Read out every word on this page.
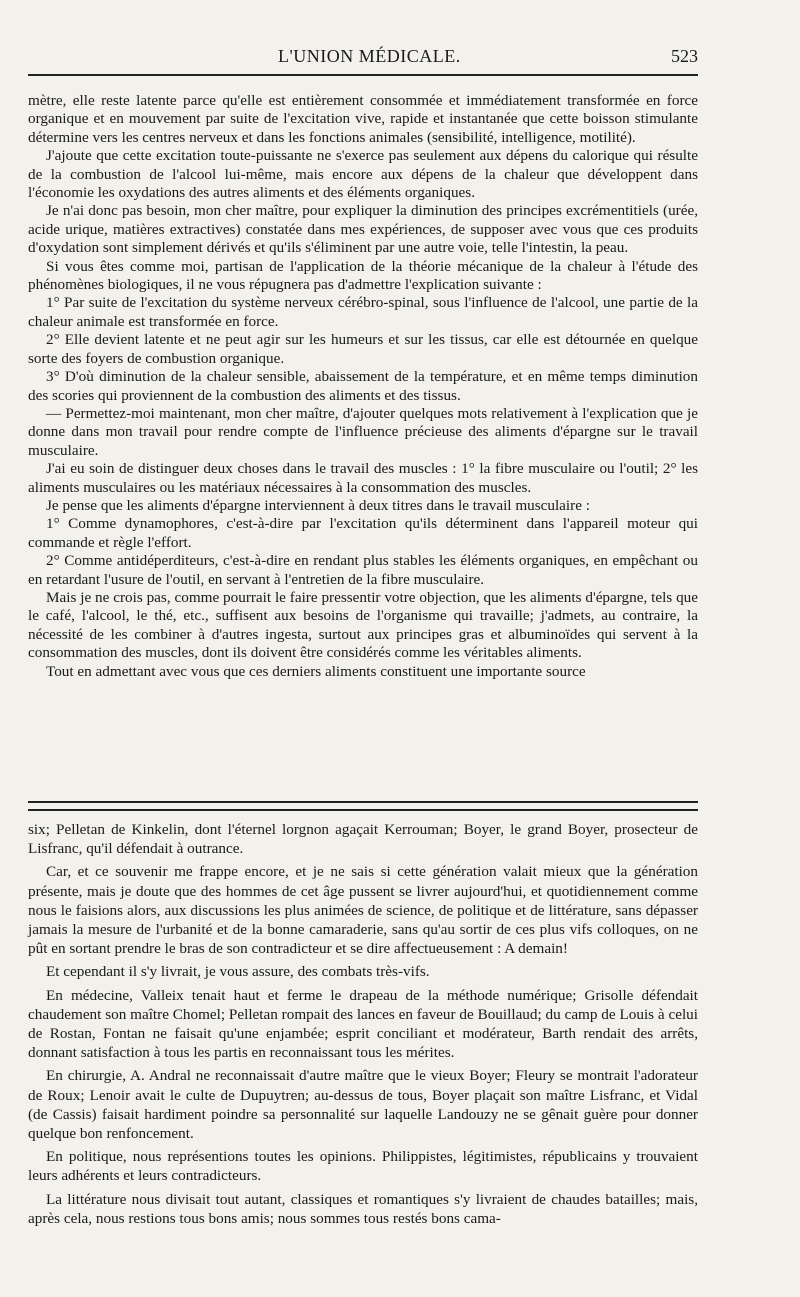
L'UNION MÉDICALE.	523

mètre, elle reste latente parce qu'elle est entièrement consommée et immédiatement transformée en force organique et en mouvement par suite de l'excitation vive, rapide et instantanée que cette boisson stimulante détermine vers les centres nerveux et dans les fonctions animales (sensibilité, intelligence, motilité).

J'ajoute que cette excitation toute-puissante ne s'exerce pas seulement aux dépens du calorique qui résulte de la combustion de l'alcool lui-même, mais encore aux dépens de la chaleur que développent dans l'économie les oxydations des autres aliments et des éléments organiques.

Je n'ai donc pas besoin, mon cher maître, pour expliquer la diminution des principes excrémentitiels (urée, acide urique, matières extractives) constatée dans mes expériences, de supposer avec vous que ces produits d'oxydation sont simplement dérivés et qu'ils s'éliminent par une autre voie, telle l'intestin, la peau.

Si vous êtes comme moi, partisan de l'application de la théorie mécanique de la chaleur à l'étude des phénomènes biologiques, il ne vous répugnera pas d'admettre l'explication suivante :

1° Par suite de l'excitation du système nerveux cérébro-spinal, sous l'influence de l'alcool, une partie de la chaleur animale est transformée en force.

2° Elle devient latente et ne peut agir sur les humeurs et sur les tissus, car elle est détournée en quelque sorte des foyers de combustion organique.

3° D'où diminution de la chaleur sensible, abaissement de la température, et en même temps diminution des scories qui proviennent de la combustion des aliments et des tissus.

— Permettez-moi maintenant, mon cher maître, d'ajouter quelques mots relativement à l'explication que je donne dans mon travail pour rendre compte de l'influence précieuse des aliments d'épargne sur le travail musculaire.

J'ai eu soin de distinguer deux choses dans le travail des muscles : 1° la fibre musculaire ou l'outil; 2° les aliments musculaires ou les matériaux nécessaires à la consommation des muscles.

Je pense que les aliments d'épargne interviennent à deux titres dans le travail musculaire :

1° Comme dynamophores, c'est-à-dire par l'excitation qu'ils déterminent dans l'appareil moteur qui commande et règle l'effort.

2° Comme antidéperditeurs, c'est-à-dire en rendant plus stables les éléments organiques, en empêchant ou en retardant l'usure de l'outil, en servant à l'entretien de la fibre musculaire.

Mais je ne crois pas, comme pourrait le faire pressentir votre objection, que les aliments d'épargne, tels que le café, l'alcool, le thé, etc., suffisent aux besoins de l'organisme qui travaille; j'admets, au contraire, la nécessité de les combiner à d'autres ingesta, surtout aux principes gras et albuminoïdes qui servent à la consommation des muscles, dont ils doivent être considérés comme les véritables aliments.

Tout en admettant avec vous que ces derniers aliments constituent une importante source

six; Pelletan de Kinkelin, dont l'éternel lorgnon agaçait Kerrouman; Boyer, le grand Boyer, prosecteur de Lisfranc, qu'il défendait à outrance.

Car, et ce souvenir me frappe encore, et je ne sais si cette génération valait mieux que la génération présente, mais je doute que des hommes de cet âge pussent se livrer aujourd'hui, et quotidiennement comme nous le faisions alors, aux discussions les plus animées de science, de politique et de littérature, sans dépasser jamais la mesure de l'urbanité et de la bonne camaraderie, sans qu'au sortir de ces plus vifs colloques, on ne pût en sortant prendre le bras de son contradicteur et se dire affectueusement : A demain!

Et cependant il s'y livrait, je vous assure, des combats très-vifs.

En médecine, Valleix tenait haut et ferme le drapeau de la méthode numérique; Grisolle défendait chaudement son maître Chomel; Pelletan rompait des lances en faveur de Bouillaud; du camp de Louis à celui de Rostan, Fontan ne faisait qu'une enjambée; esprit conciliant et modérateur, Barth rendait des arrêts, donnant satisfaction à tous les partis en reconnaissant tous les mérites.

En chirurgie, A. Andral ne reconnaissait d'autre maître que le vieux Boyer; Fleury se montrait l'adorateur de Roux; Lenoir avait le culte de Dupuytren; au-dessus de tous, Boyer plaçait son maître Lisfranc, et Vidal (de Cassis) faisait hardiment poindre sa personnalité sur laquelle Landouzy ne se gênait guère pour donner quelque bon renfoncement.

En politique, nous représentions toutes les opinions. Philippistes, légitimistes, républicains y trouvaient leurs adhérents et leurs contradicteurs.

La littérature nous divisait tout autant, classiques et romantiques s'y livraient de chaudes batailles; mais, après cela, nous restions tous bons amis; nous sommes tous restés bons cama-
